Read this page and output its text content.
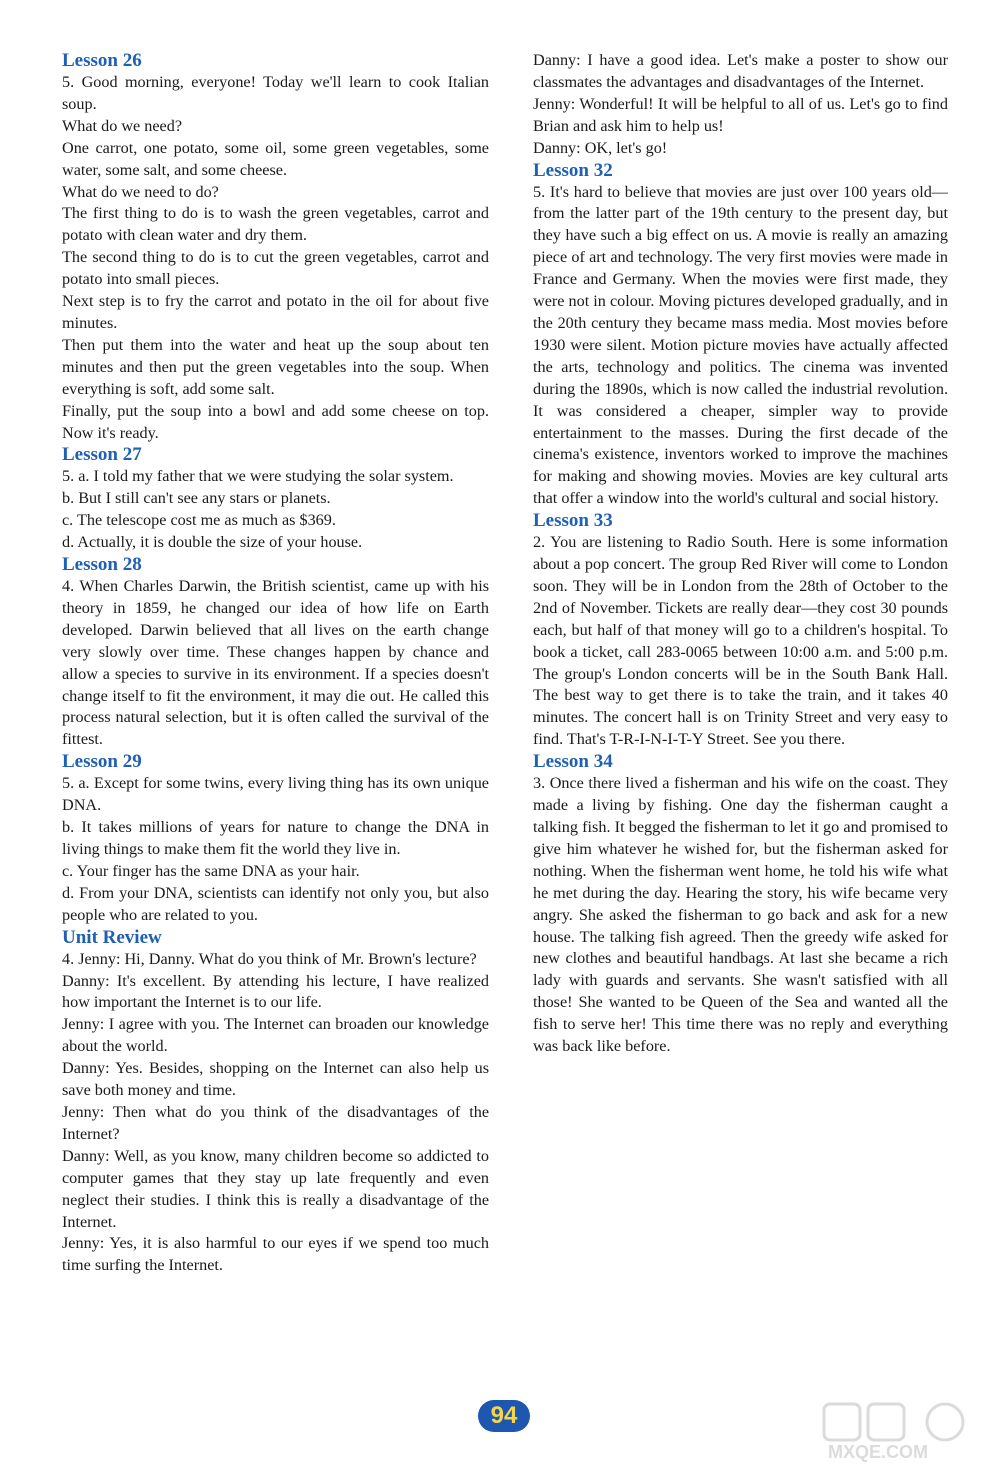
Lesson 26

5. Good morning, everyone! Today we'll learn to cook Italian soup.

What do we need?

One carrot, one potato, some oil, some green vegetables, some water, some salt, and some cheese.

What do we need to do?

The first thing to do is to wash the green vegetables, carrot and potato with clean water and dry them.

The second thing to do is to cut the green vegetables, carrot and potato into small pieces.

Next step is to fry the carrot and potato in the oil for about five minutes.

Then put them into the water and heat up the soup about ten minutes and then put the green vegetables into the soup. When everything is soft, add some salt.

Finally, put the soup into a bowl and add some cheese on top. Now it's ready.

Lesson 27

5. a. I told my father that we were studying the solar system.

b. But I still can't see any stars or planets.

c. The telescope cost me as much as $369.

d. Actually, it is double the size of your house.

Lesson 28

4. When Charles Darwin, the British scientist, came up with his theory in 1859, he changed our idea of how life on Earth developed. Darwin believed that all lives on the earth change very slowly over time. These changes happen by chance and allow a species to survive in its environment. If a species doesn't change itself to fit the environment, it may die out. He called this process natural selection, but it is often called the survival of the fittest.

Lesson 29

5. a. Except for some twins, every living thing has its own unique DNA.

b. It takes millions of years for nature to change the DNA in living things to make them fit the world they live in.

c. Your finger has the same DNA as your hair.

d. From your DNA, scientists can identify not only you, but also people who are related to you.

Unit Review

4. Jenny: Hi, Danny. What do you think of Mr. Brown's lecture?

Danny: It's excellent. By attending his lecture, I have realized how important the Internet is to our life.

Jenny: I agree with you. The Internet can broaden our knowledge about the world.

Danny: Yes. Besides, shopping on the Internet can also help us save both money and time.

Jenny: Then what do you think of the disadvantages of the Internet?

Danny: Well, as you know, many children become so addicted to computer games that they stay up late frequently and even neglect their studies. I think this is really a disadvantage of the Internet.

Jenny: Yes, it is also harmful to our eyes if we spend too much time surfing the Internet.

Danny: I have a good idea. Let's make a poster to show our classmates the advantages and disadvantages of the Internet.

Jenny: Wonderful! It will be helpful to all of us. Let's go to find Brian and ask him to help us!

Danny: OK, let's go!

Lesson 32

5. It's hard to believe that movies are just over 100 years old—from the latter part of the 19th century to the present day, but they have such a big effect on us. A movie is really an amazing piece of art and technology. The very first movies were made in France and Germany. When the movies were first made, they were not in colour. Moving pictures developed gradually, and in the 20th century they became mass media. Most movies before 1930 were silent. Motion picture movies have actually affected the arts, technology and politics. The cinema was invented during the 1890s, which is now called the industrial revolution. It was considered a cheaper, simpler way to provide entertainment to the masses. During the first decade of the cinema's existence, inventors worked to improve the machines for making and showing movies. Movies are key cultural arts that offer a window into the world's cultural and social history.

Lesson 33

2. You are listening to Radio South. Here is some information about a pop concert. The group Red River will come to London soon. They will be in London from the 28th of October to the 2nd of November. Tickets are really dear—they cost 30 pounds each, but half of that money will go to a children's hospital. To book a ticket, call 283-0065 between 10:00 a.m. and 5:00 p.m. The group's London concerts will be in the South Bank Hall. The best way to get there is to take the train, and it takes 40 minutes. The concert hall is on Trinity Street and very easy to find. That's T-R-I-N-I-T-Y Street. See you there.

Lesson 34

3. Once there lived a fisherman and his wife on the coast. They made a living by fishing. One day the fisherman caught a talking fish. It begged the fisherman to let it go and promised to give him whatever he wished for, but the fisherman asked for nothing. When the fisherman went home, he told his wife what he met during the day. Hearing the story, his wife became very angry. She asked the fisherman to go back and ask for a new house. The talking fish agreed. Then the greedy wife asked for new clothes and beautiful handbags. At last she became a rich lady with guards and servants. She wasn't satisfied with all those! She wanted to be Queen of the Sea and wanted all the fish to serve her! This time there was no reply and everything was back like before.

94
MXQE.COM
